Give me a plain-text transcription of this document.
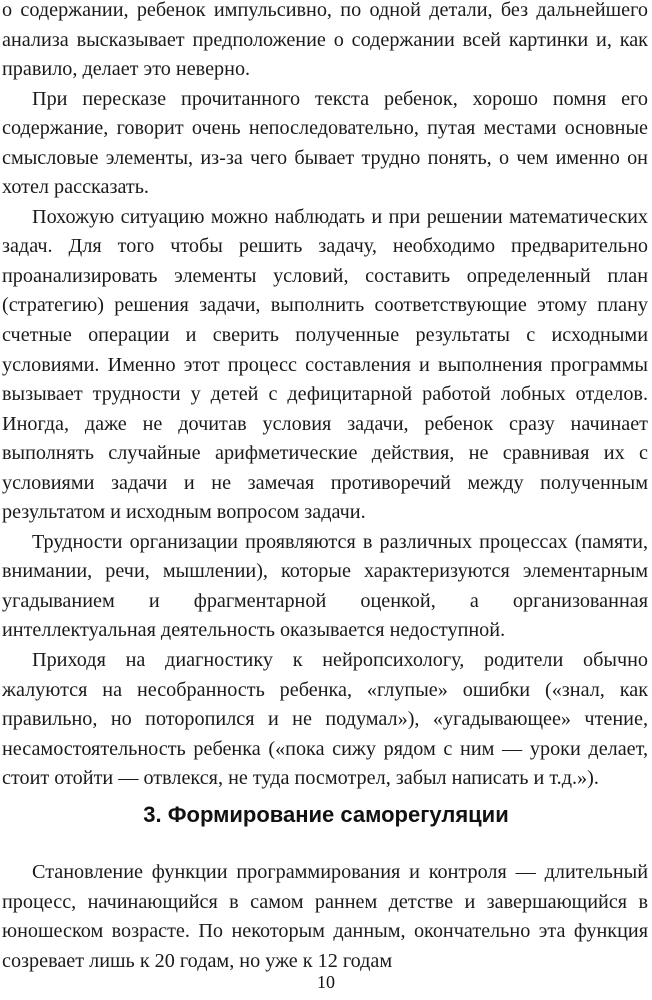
о содержании, ребенок импульсивно, по одной детали, без дальнейшего анализа высказывает предположение о содержании всей картинки и, как правило, делает это неверно.

При пересказе прочитанного текста ребенок, хорошо помня его содержание, говорит очень непоследовательно, путая местами основные смысловые элементы, из-за чего бывает трудно понять, о чем именно он хотел рассказать.

Похожую ситуацию можно наблюдать и при решении математических задач. Для того чтобы решить задачу, необходимо предварительно проанализировать элементы условий, составить определенный план (стратегию) решения задачи, выполнить соответствующие этому плану счетные операции и сверить полученные результаты с исходными условиями. Именно этот процесс составления и выполнения программы вызывает трудности у детей с дефицитарной работой лобных отделов. Иногда, даже не дочитав условия задачи, ребенок сразу начинает выполнять случайные арифметические действия, не сравнивая их с условиями задачи и не замечая противоречий между полученным результатом и исходным вопросом задачи.

Трудности организации проявляются в различных процессах (памяти, внимании, речи, мышлении), которые характеризуются элементарным угадыванием и фрагментарной оценкой, а организованная интеллектуальная деятельность оказывается недоступной.

Приходя на диагностику к нейропсихологу, родители обычно жалуются на несобранность ребенка, «глупые» ошибки («знал, как правильно, но поторопился и не подумал»), «угадывающее» чтение, несамостоятельность ребенка («пока сижу рядом с ним — уроки делает, стоит отойти — отвлекся, не туда посмотрел, забыл написать и т.д.»).

3. Формирование саморегуляции

Становление функции программирования и контроля — длительный процесс, начинающийся в самом раннем детстве и завершающийся в юношеском возрасте. По некоторым данным, окончательно эта функция созревает лишь к 20 годам, но уже к 12 годам

10
